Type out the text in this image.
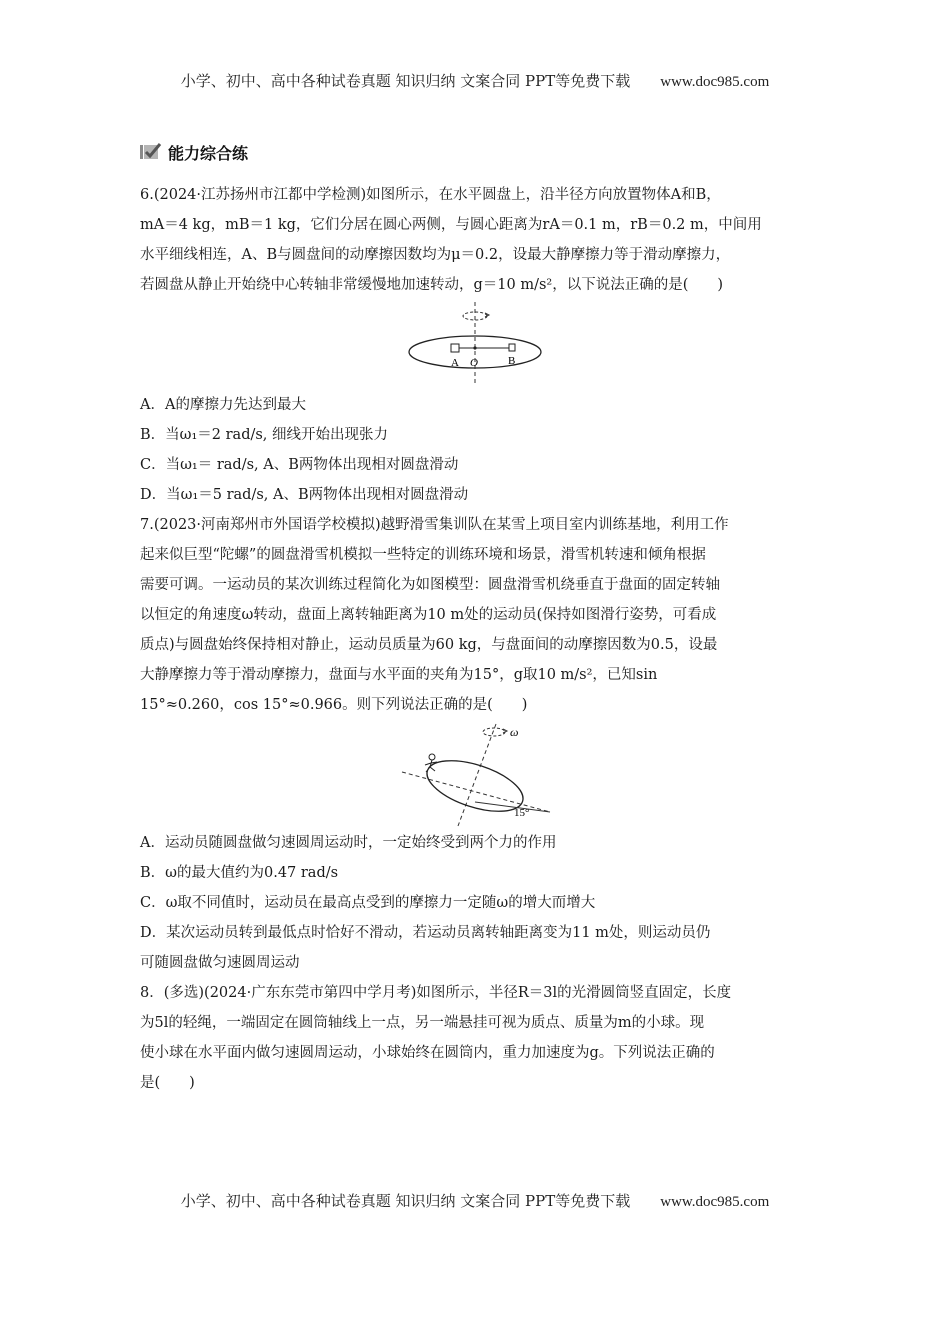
小学、初中、高中各种试卷真题 知识归纳 文案合同 PPT等免费下载 www.doc985.com
能力综合练

6.(2024·江苏扬州市江都中学检测)如图所示，在水平圆盘上，沿半径方向放置物体A和B，

mA＝4 kg，mB＝1 kg，它们分居在圆心两侧，与圆心距离为rA＝0.1 m，rB＝0.2 m，中间用

水平细线相连，A、B与圆盘间的动摩擦因数均为μ＝0.2，设最大静摩擦力等于滑动摩擦力，

若圆盘从静止开始绕中心转轴非常缓慢地加速转动，g＝10 m/s²，以下说法正确的是(　　)

A O	B

A．A的摩擦力先达到最大

B．当ω₁＝2 rad/s, 细线开始出现张力

C．当ω₁＝ rad/s, A、B两物体出现相对圆盘滑动

D．当ω₁＝5 rad/s, A、B两物体出现相对圆盘滑动

7.(2023·河南郑州市外国语学校模拟)越野滑雪集训队在某雪上项目室内训练基地，利用工作

起来似巨型“陀螺”的圆盘滑雪机模拟一些特定的训练环境和场景，滑雪机转速和倾角根据

需要可调。一运动员的某次训练过程简化为如图模型：圆盘滑雪机绕垂直于盘面的固定转轴

以恒定的角速度ω转动，盘面上离转轴距离为10 m处的运动员(保持如图滑行姿势，可看成

质点)与圆盘始终保持相对静止，运动员质量为60 kg，与盘面间的动摩擦因数为0.5，设最

大静摩擦力等于滑动摩擦力，盘面与水平面的夹角为15°，g取10 m/s²，已知sin

15°≈0.260，cos 15°≈0.966。则下列说法正确的是(　　)

ω
15°

A．运动员随圆盘做匀速圆周运动时，一定始终受到两个力的作用

B．ω的最大值约为0.47 rad/s

C．ω取不同值时，运动员在最高点受到的摩擦力一定随ω的增大而增大

D．某次运动员转到最低点时恰好不滑动，若运动员离转轴距离变为11 m处，则运动员仍

可随圆盘做匀速圆周运动

8．(多选)(2024·广东东莞市第四中学月考)如图所示，半径R＝3l的光滑圆筒竖直固定，长度

为5l的轻绳，一端固定在圆筒轴线上一点，另一端悬挂可视为质点、质量为m的小球。现

使小球在水平面内做匀速圆周运动，小球始终在圆筒内，重力加速度为g。下列说法正确的

是(　　)

小学、初中、高中各种试卷真题 知识归纳 文案合同 PPT等免费下载 www.doc985.com
